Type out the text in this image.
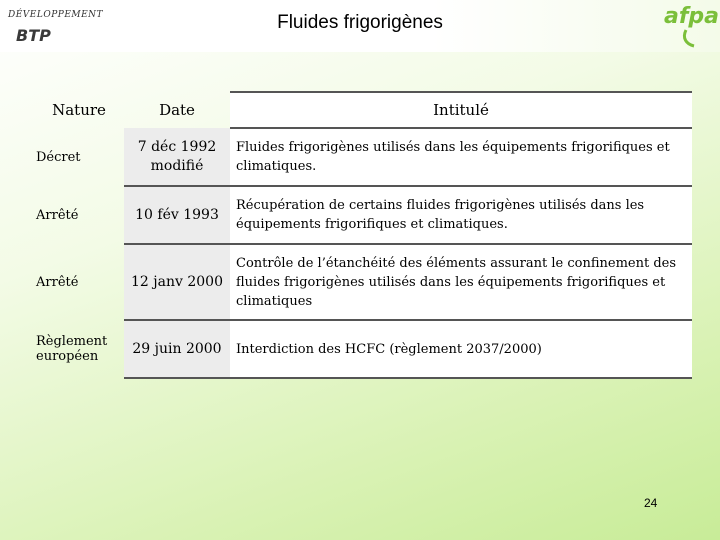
DÉVELOPPEMENT
BTP
Fluides frigorigènes	afpa
Nature	Date	Intitulé
Décret	7 déc 1992 modifié	Fluides frigorigènes utilisés dans les équipements frigorifiques et climatiques.
Arrêté	10 fév 1993	Récupération de certains fluides frigorigènes utilisés dans les équipements frigorifiques et climatiques.
Arrêté	12 janv 2000	Contrôle de l’étanchéité des éléments assurant le confinement des fluides frigorigènes utilisés dans les équipements frigorifiques et climatiques
Règlement européen	29 juin 2000	Interdiction des HCFC (règlement 2037/2000)
24
